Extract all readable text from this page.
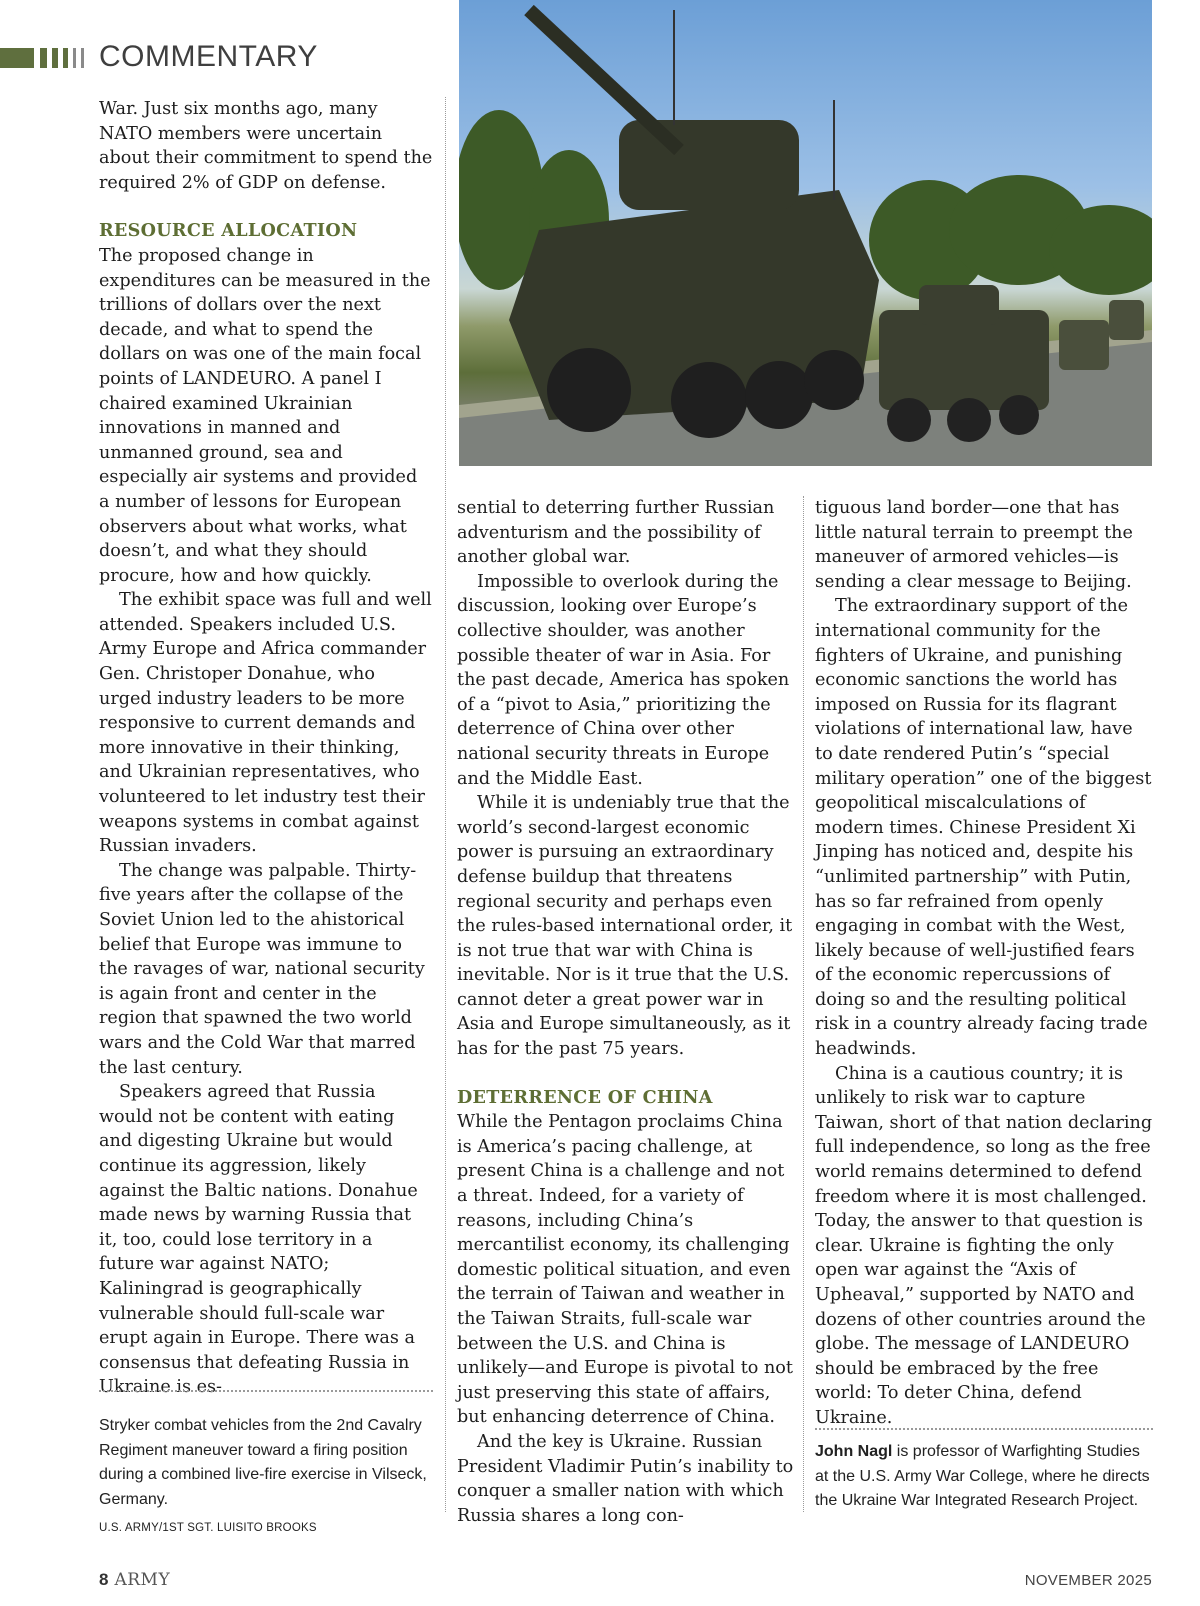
COMMENTARY

War. Just six months ago, many NATO members were uncertain about their commitment to spend the required 2% of GDP on defense.

RESOURCE ALLOCATION

The proposed change in expenditures can be measured in the trillions of dollars over the next decade, and what to spend the dollars on was one of the main focal points of LANDEURO. A panel I chaired examined Ukrainian innovations in manned and unmanned ground, sea and especially air systems and provided a number of lessons for European observers about what works, what doesn’t, and what they should procure, how and how quickly.

The exhibit space was full and well attended. Speakers included U.S. Army Europe and Africa commander Gen. Christoper Donahue, who urged industry leaders to be more responsive to current demands and more innovative in their thinking, and Ukrainian representatives, who volunteered to let industry test their weapons systems in combat against Russian invaders.

The change was palpable. Thirty-five years after the collapse of the Soviet Union led to the ahistorical belief that Europe was immune to the ravages of war, national security is again front and center in the region that spawned the two world wars and the Cold War that marred the last century.

Speakers agreed that Russia would not be content with eating and digesting Ukraine but would continue its aggression, likely against the Baltic nations. Donahue made news by warning Russia that it, too, could lose territory in a future war against NATO; Kaliningrad is geographically vulnerable should full-scale war erupt again in Europe. There was a consensus that defeating Russia in Ukraine is es-

sential to deterring further Russian adventurism and the possibility of another global war.

Impossible to overlook during the discussion, looking over Europe’s collective shoulder, was another possible theater of war in Asia. For the past decade, America has spoken of a “pivot to Asia,” prioritizing the deterrence of China over other national security threats in Europe and the Middle East.

While it is undeniably true that the world’s second-largest economic power is pursuing an extraordinary defense buildup that threatens regional security and perhaps even the rules-based international order, it is not true that war with China is inevitable. Nor is it true that the U.S. cannot deter a great power war in Asia and Europe simultaneously, as it has for the past 75 years.

DETERRENCE OF CHINA

While the Pentagon proclaims China is America’s pacing challenge, at present China is a challenge and not a threat. Indeed, for a variety of reasons, including China’s mercantilist economy, its challenging domestic political situation, and even the terrain of Taiwan and weather in the Taiwan Straits, full-scale war between the U.S. and China is unlikely—and Europe is pivotal to not just preserving this state of affairs, but enhancing deterrence of China.

And the key is Ukraine. Russian President Vladimir Putin’s inability to conquer a smaller nation with which Russia shares a long con-

tiguous land border—one that has little natural terrain to preempt the maneuver of armored vehicles—is sending a clear message to Beijing.

The extraordinary support of the international community for the fighters of Ukraine, and punishing economic sanctions the world has imposed on Russia for its flagrant violations of international law, have to date rendered Putin’s “special military operation” one of the biggest geopolitical miscalculations of modern times. Chinese President Xi Jinping has noticed and, despite his “unlimited partnership” with Putin, has so far refrained from openly engaging in combat with the West, likely because of well-justified fears of the economic repercussions of doing so and the resulting political risk in a country already facing trade headwinds.

China is a cautious country; it is unlikely to risk war to capture Taiwan, short of that nation declaring full independence, so long as the free world remains determined to defend freedom where it is most challenged. Today, the answer to that question is clear. Ukraine is fighting the only open war against the “Axis of Upheaval,” supported by NATO and dozens of other countries around the globe. The message of LANDEURO should be embraced by the free world: To deter China, defend Ukraine.

Stryker combat vehicles from the 2nd Cavalry Regiment maneuver toward a firing position during a combined live-fire exercise in Vilseck, Germany.
U.S. ARMY/1ST SGT. LUISITO BROOKS
John Nagl is professor of Warfighting Studies at the U.S. Army War College, where he directs the Ukraine War Integrated Research Project.
8 ARMY	NOVEMBER 2025
